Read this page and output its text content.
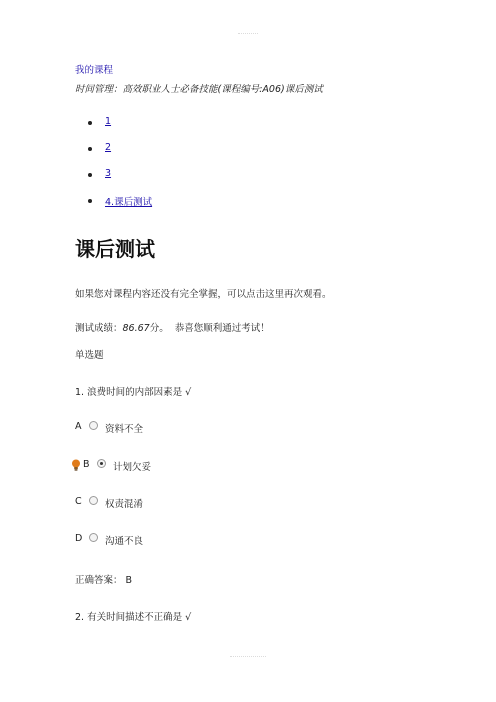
我的课程
时间管理：高效职业人士必备技能(课程编号:A06)课后测试
1
2
3
4.课后测试
课后测试
如果您对课程内容还没有完全掌握，可以点击这里再次观看。
测试成绩：86.67分。 恭喜您顺利通过考试！
单选题
1. 浪费时间的内部因素是 √
A 资料不全
B 计划欠妥
C 权责混淆
D 沟通不良
正确答案： B
2. 有关时间描述不正确是 √
